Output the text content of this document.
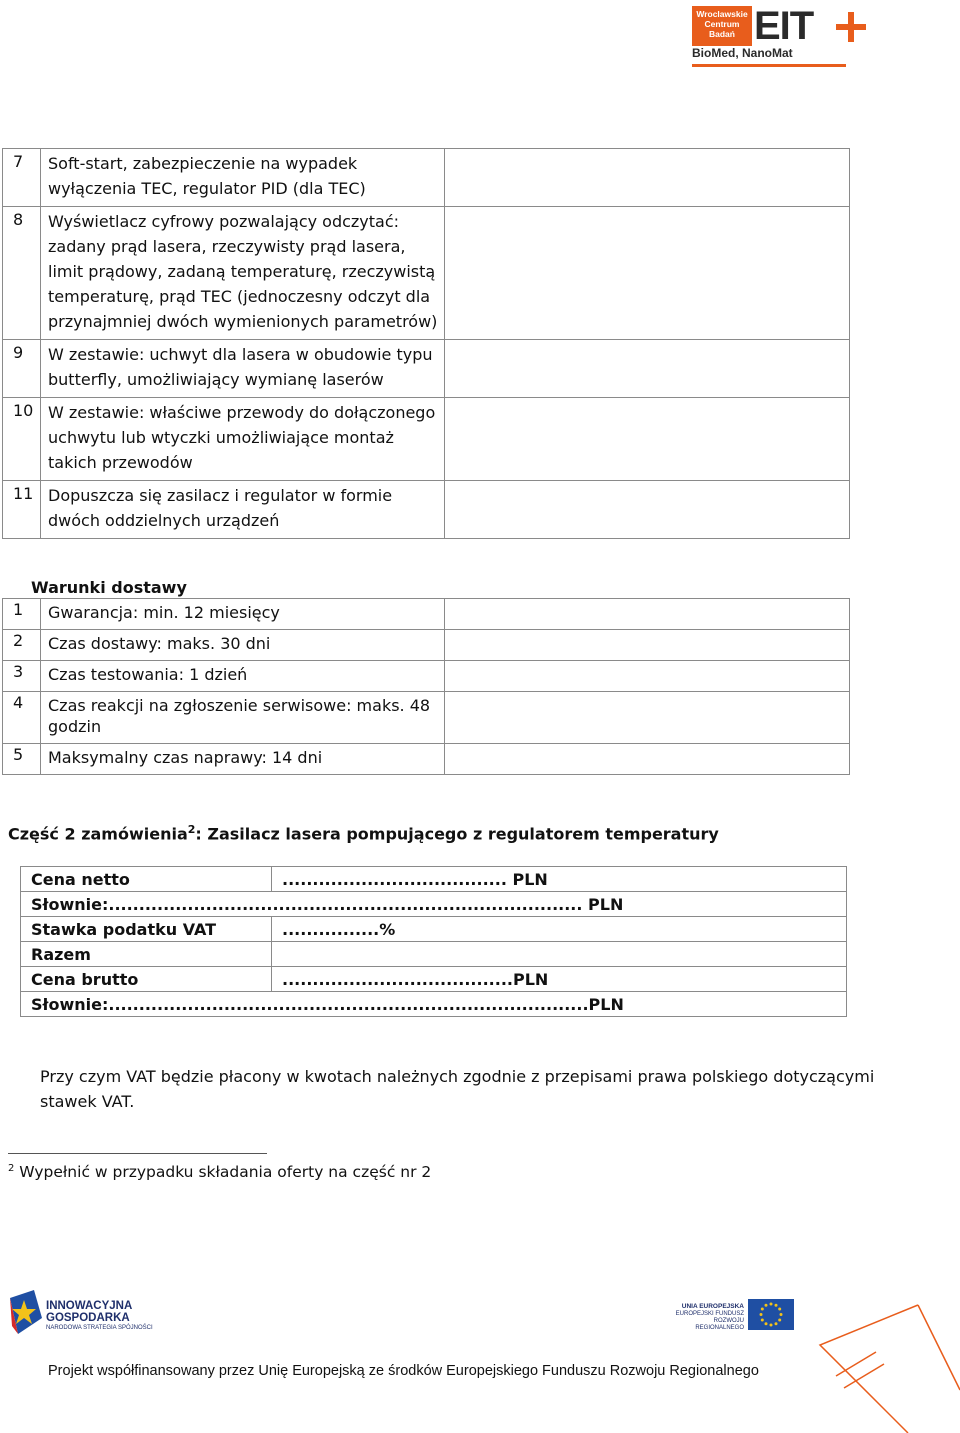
Wroclawskie Centrum Badań EIT
BioMed, NanoMat
7	Soft-start, zabezpieczenie na wypadek wyłączenia TEC, regulator PID (dla TEC)	
8	Wyświetlacz cyfrowy pozwalający odczytać: zadany prąd lasera, rzeczywisty prąd lasera, limit prądowy, zadaną temperaturę, rzeczywistą temperaturę, prąd TEC (jednoczesny odczyt dla przynajmniej dwóch wymienionych parametrów)	
9	W zestawie: uchwyt dla lasera w obudowie typu butterfly, umożliwiający wymianę laserów	
10	W zestawie: właściwe przewody do dołączonego uchwytu lub wtyczki umożliwiające montaż takich przewodów	
11	Dopuszcza się zasilacz i regulator w formie dwóch oddzielnych urządzeń	
Warunki dostawy
1	Gwarancja: min. 12 miesięcy	
2	Czas dostawy: maks. 30 dni	
3	Czas testowania: 1 dzień	
4	Czas reakcji na zgłoszenie serwisowe: maks. 48 godzin	
5	Maksymalny czas naprawy: 14 dni	
Część 2 zamówienia$^2$: Zasilacz lasera pompującego z regulatorem temperatury
Cena netto	..................................... PLN
Słownie:.............................................................................. PLN	
Stawka podatku VAT	................%
Razem	
Cena brutto	......................................PLN
Słownie:...............................................................................PLN	
Przy czym VAT będzie płacony w kwotach należnych zgodnie z przepisami prawa polskiego dotyczącymi stawek VAT.
$^2$ Wypełnić w przypadku składania oferty na część nr 2
INNOWACYJNA
GOSPODARKA
NARODOWA STRATEGIA SPÓJNOŚCI
UNIA EUROPEJSKA
EUROPEJSKI FUNDUSZ
ROZWOJU REGIONALNEGO
Projekt współfinansowany przez Unię Europejską ze środków Europejskiego Funduszu Rozwoju Regionalnego
